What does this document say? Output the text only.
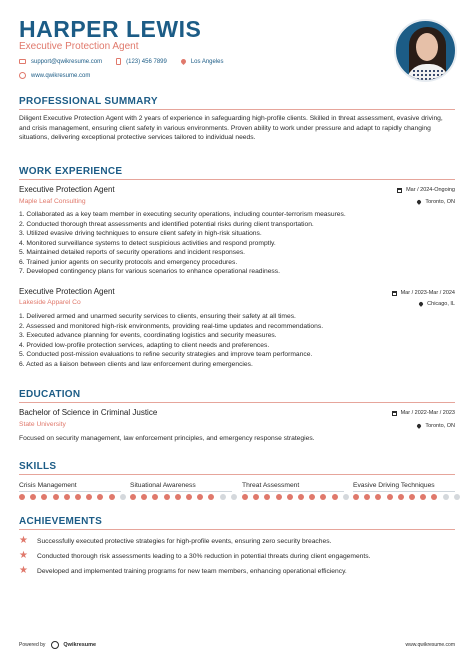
HARPER LEWIS
Executive Protection Agent
support@qwikresume.com	(123) 456 7899	Los Angeles
www.qwikresume.com
PROFESSIONAL SUMMARY
Diligent Executive Protection Agent with 2 years of experience in safeguarding high-profile clients. Skilled in threat assessment, evasive driving, and crisis management, ensuring client safety in various environments. Proven ability to work under pressure and adapt to rapidly changing situations, delivering exceptional protective services tailored to individual needs.
WORK EXPERIENCE
Executive Protection Agent	Mar / 2024-Ongoing
Maple Leaf Consulting	Toronto, ON
1. Collaborated as a key team member in executing security operations, including counter-terrorism measures.
2. Conducted thorough threat assessments and identified potential risks during client transportation.
3. Utilized evasive driving techniques to ensure client safety in high-risk situations.
4. Monitored surveillance systems to detect suspicious activities and respond promptly.
5. Maintained detailed reports of security operations and incident responses.
6. Trained junior agents on security protocols and emergency procedures.
7. Developed contingency plans for various scenarios to enhance operational readiness.
Executive Protection Agent	Mar / 2023-Mar / 2024
Lakeside Apparel Co	Chicago, IL
1. Delivered armed and unarmed security services to clients, ensuring their safety at all times.
2. Assessed and monitored high-risk environments, providing real-time updates and recommendations.
3. Executed advance planning for events, coordinating logistics and security measures.
4. Provided low-profile protection services, adapting to client needs and preferences.
5. Conducted post-mission evaluations to refine security strategies and improve team performance.
6. Acted as a liaison between clients and law enforcement during emergencies.
EDUCATION
Bachelor of Science in Criminal Justice	Mar / 2022-Mar / 2023
State University	Toronto, ON
Focused on security management, law enforcement principles, and emergency response strategies.
SKILLS
Crisis Management	Situational Awareness	Threat Assessment	Evasive Driving Techniques
ACHIEVEMENTS
★ Successfully executed protective strategies for high-profile events, ensuring zero security breaches.
★ Conducted thorough risk assessments leading to a 30% reduction in potential threats during client engagements.
★ Developed and implemented training programs for new team members, enhancing operational efficiency.
Powered by	Qwikresume	www.qwikresume.com
